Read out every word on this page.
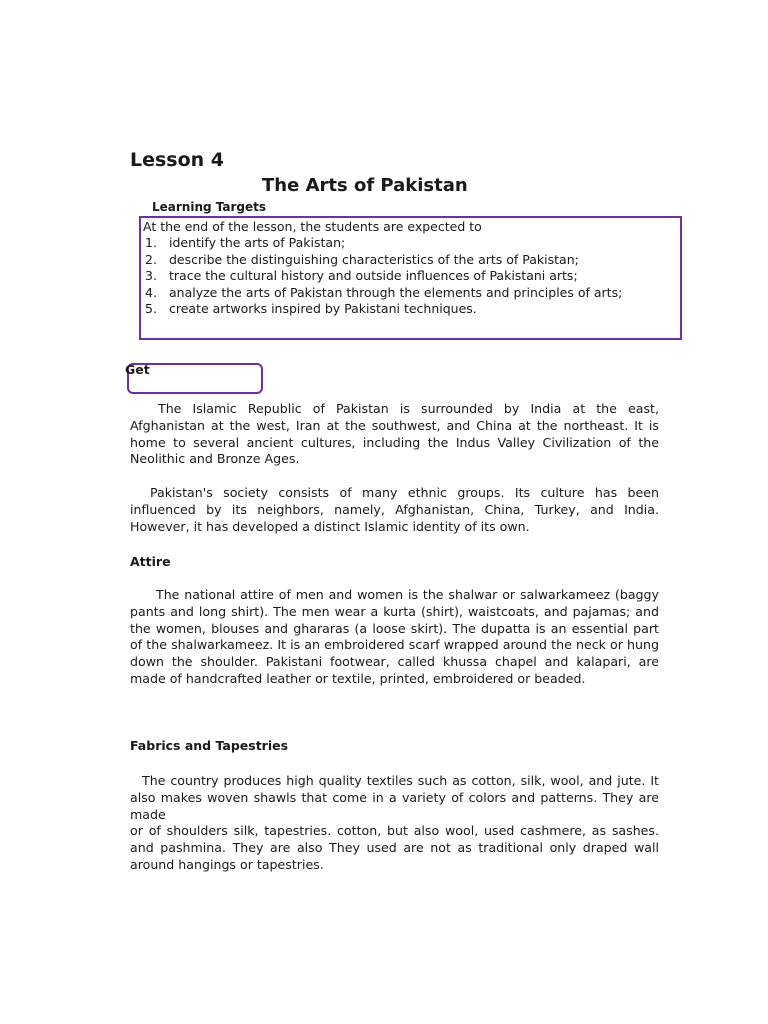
Lesson 4
The Arts of Pakistan
Learning Targets
At the end of the lesson, the students are expected to
1. identify the arts of Pakistan;
2. describe the distinguishing characteristics of the arts of Pakistan;
3. trace the cultural history and outside influences of Pakistani arts;
4. analyze the arts of Pakistan through the elements and principles of arts;
5. create artworks inspired by Pakistani techniques.
Get

The Islamic Republic of Pakistan is surrounded by India at the east, Afghanistan at the west, Iran at the southwest, and China at the northeast. It is home to several ancient cultures, including the Indus Valley Civilization of the Neolithic and Bronze Ages.

Pakistan's society consists of many ethnic groups. Its culture has been influenced by its neighbors, namely, Afghanistan, China, Turkey, and India. However, it has developed a distinct Islamic identity of its own.

Attire

The national attire of men and women is the shalwar or salwarkameez (baggy pants and long shirt). The men wear a kurta (shirt), waistcoats, and pajamas; and the women, blouses and ghararas (a loose skirt). The dupatta is an essential part of the shalwarkameez. It is an embroidered scarf wrapped around the neck or hung down the shoulder. Pakistani footwear, called khussa chapel and kalapari, are made of handcrafted leather or textile, printed, embroidered or beaded.

Fabrics and Tapestries

The country produces high quality textiles such as cotton, silk, wool, and jute. It also makes woven shawls that come in a variety of colors and patterns. They are made
or of shoulders silk, tapestries. cotton, but also wool, used cashmere, as sashes. and pashmina. They are also They used are not as traditional only draped wall around hangings or tapestries.
